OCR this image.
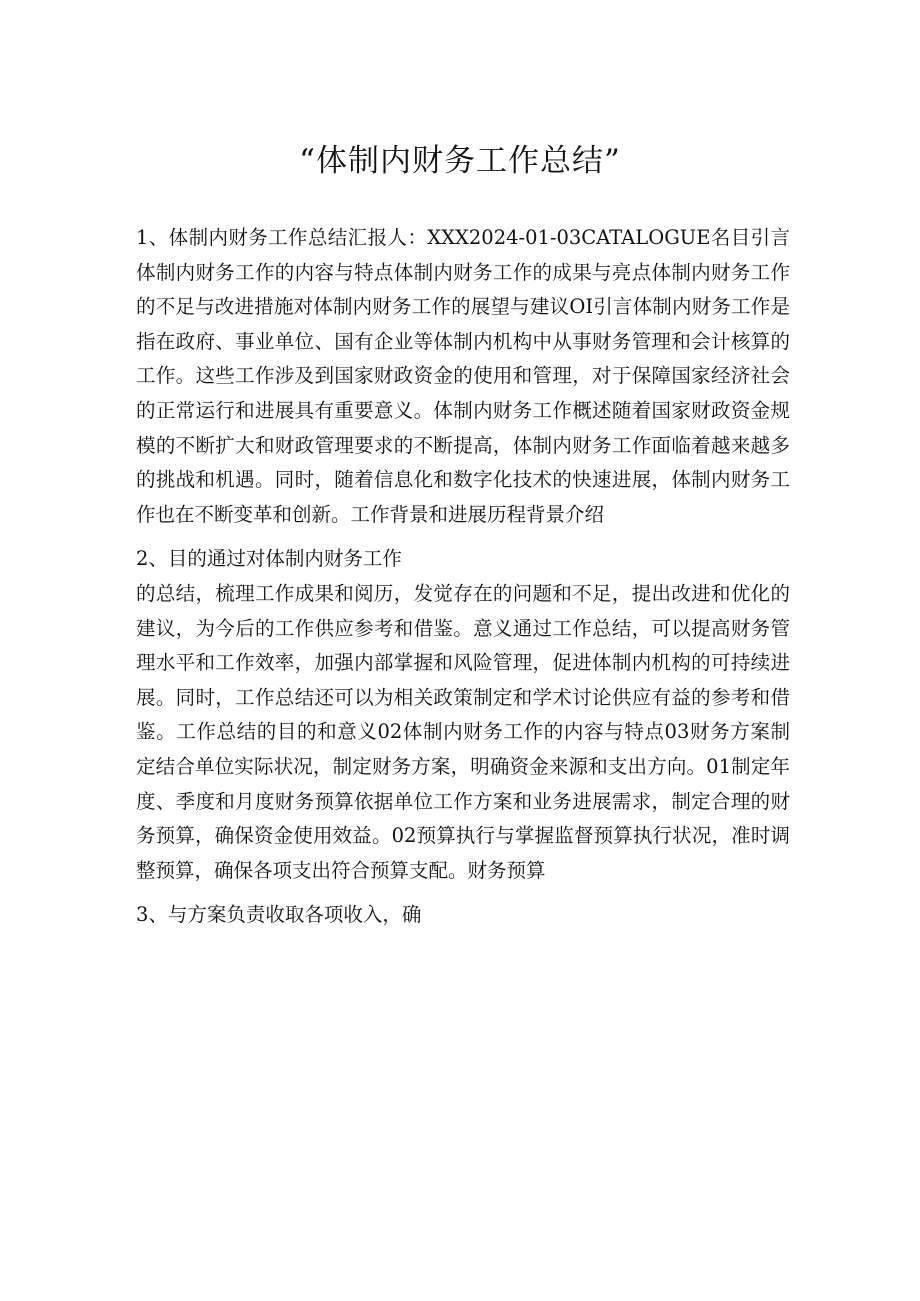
“体制内财务工作总结”

1、体制内财务工作总结汇报人：XXX2024-01-03CATALOGUE名目引言体制内财务工作的内容与特点体制内财务工作的成果与亮点体制内财务工作的不足与改进措施对体制内财务工作的展望与建议OI引言体制内财务工作是指在政府、事业单位、国有企业等体制内机构中从事财务管理和会计核算的工作。这些工作涉及到国家财政资金的使用和管理，对于保障国家经济社会的正常运行和进展具有重要意义。体制内财务工作概述随着国家财政资金规模的不断扩大和财政管理要求的不断提高，体制内财务工作面临着越来越多的挑战和机遇。同时，随着信息化和数字化技术的快速进展，体制内财务工作也在不断变革和创新。工作背景和进展历程背景介绍

2、目的通过对体制内财务工作
的总结，梳理工作成果和阅历，发觉存在的问题和不足，提出改进和优化的建议，为今后的工作供应参考和借鉴。意义通过工作总结，可以提高财务管理水平和工作效率，加强内部掌握和风险管理，促进体制内机构的可持续进展。同时，工作总结还可以为相关政策制定和学术讨论供应有益的参考和借鉴。工作总结的目的和意义02体制内财务工作的内容与特点03财务方案制定结合单位实际状况，制定财务方案，明确资金来源和支出方向。01制定年度、季度和月度财务预算依据单位工作方案和业务进展需求，制定合理的财务预算，确保资金使用效益。02预算执行与掌握监督预算执行状况，准时调整预算，确保各项支出符合预算支配。财务预算

3、与方案负责收取各项收入，确
